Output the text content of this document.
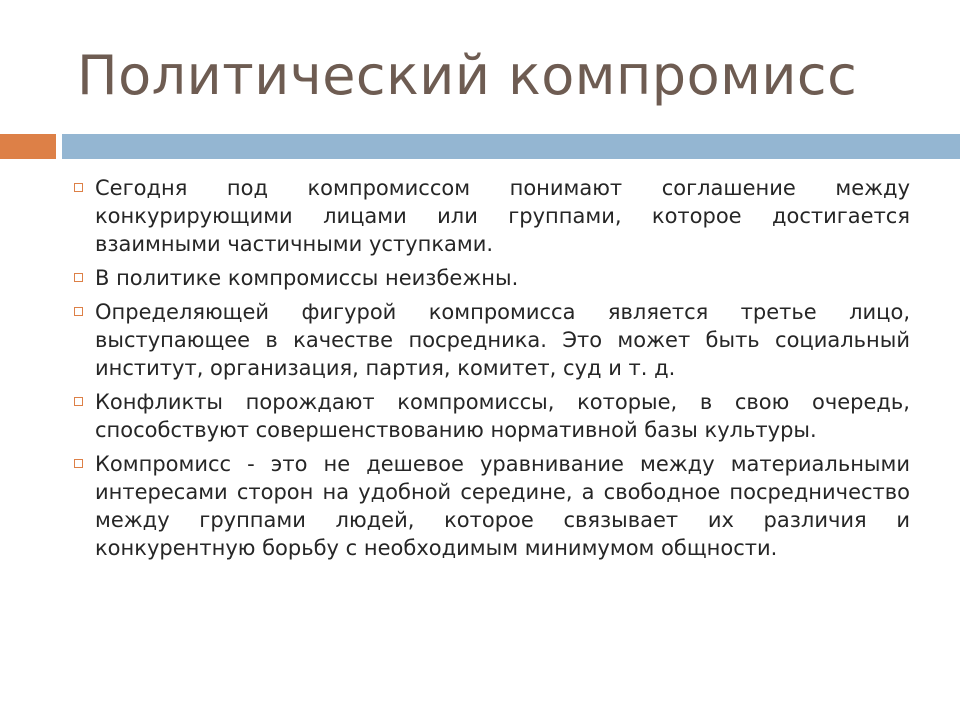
Политический компромисс
Сегодня под компромиссом понимают соглашение между конкурирующими лицами или группами, которое достигается взаимными частичными уступками.
В политике компромиссы неизбежны.
Определяющей фигурой компромисса является третье лицо, выступающее в качестве посредника. Это может быть социальный институт, организация, партия, комитет, суд и т. д.
Конфликты порождают компромиссы, которые, в свою очередь, способствуют совершенствованию нормативной базы культуры.
Компромисс - это не дешевое уравнивание между материальными интересами сторон на удобной середине, а свободное посредничество между группами людей, которое связывает их различия и конкурентную борьбу с необходимым минимумом общности.
